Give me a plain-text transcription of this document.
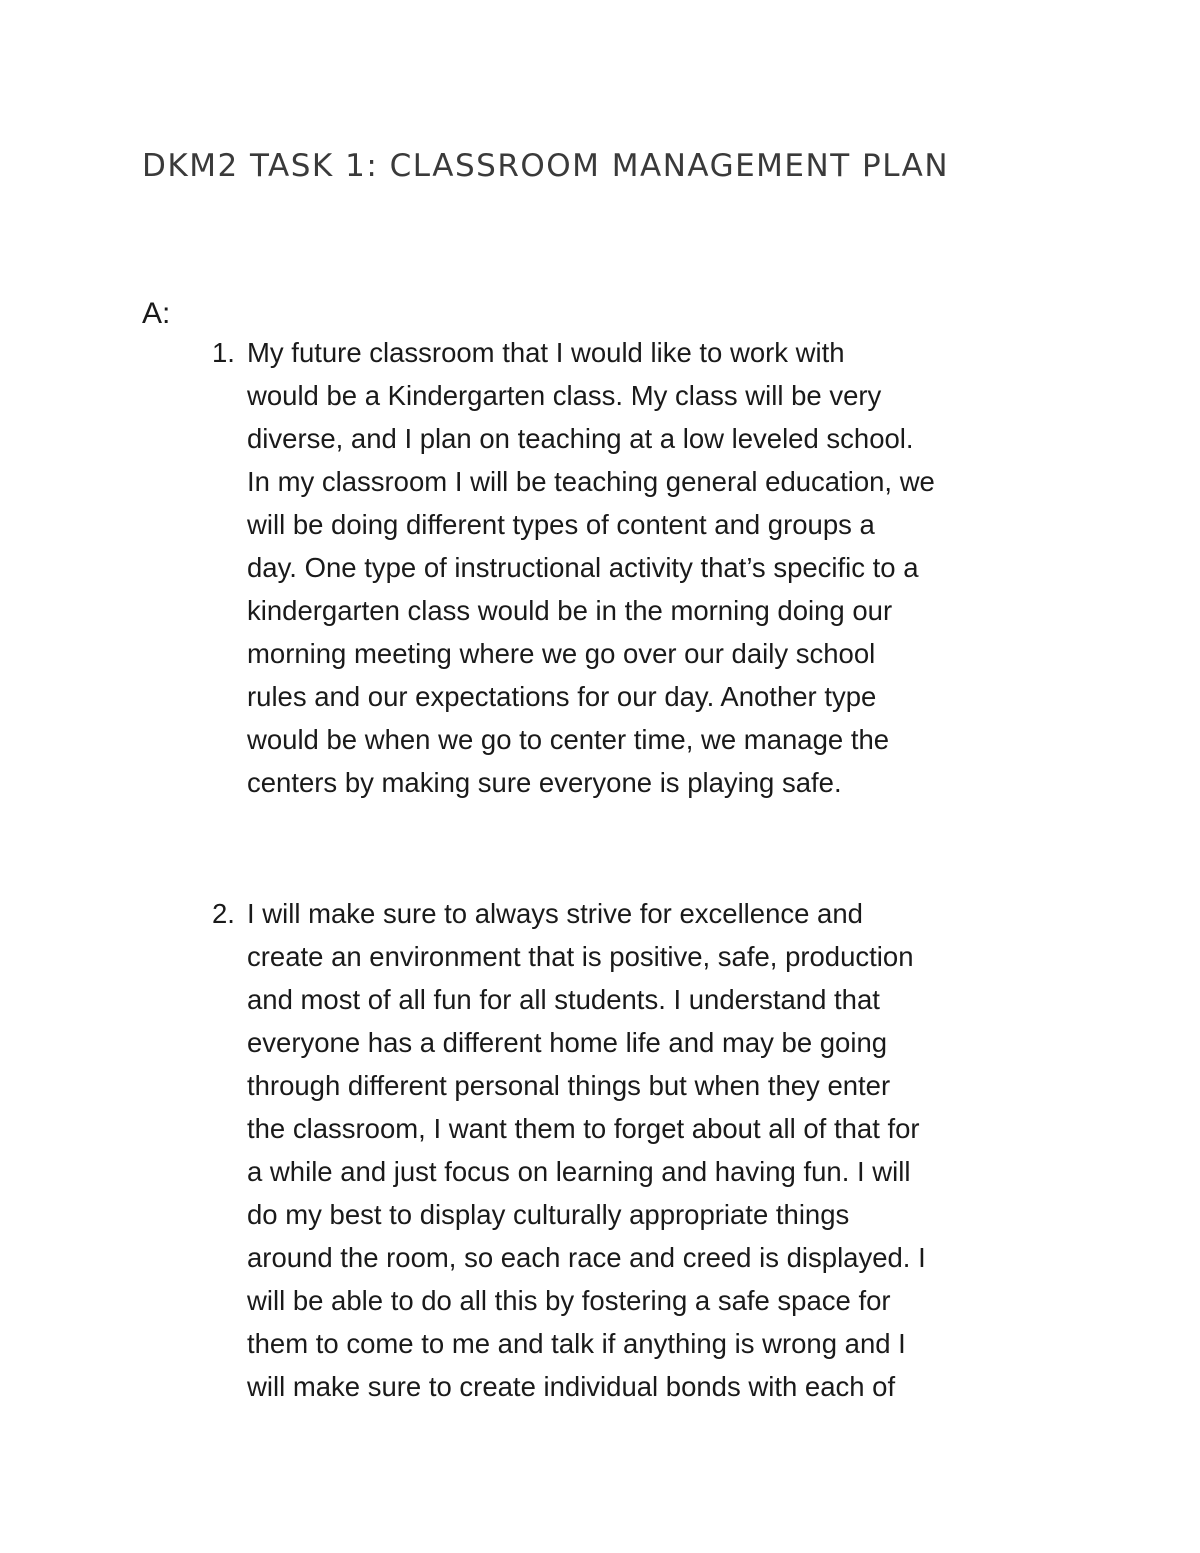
DKM2 TASK 1: CLASSROOM MANAGEMENT PLAN
A:
1. My future classroom that I would like to work with
would be a Kindergarten class. My class will be very
diverse, and I plan on teaching at a low leveled school.
In my classroom I will be teaching general education, we
will be doing different types of content and groups a
day. One type of instructional activity that’s specific to a
kindergarten class would be in the morning doing our
morning meeting where we go over our daily school
rules and our expectations for our day. Another type
would be when we go to center time, we manage the
centers by making sure everyone is playing safe.
2. I will make sure to always strive for excellence and
create an environment that is positive, safe, production
and most of all fun for all students. I understand that
everyone has a different home life and may be going
through different personal things but when they enter
the classroom, I want them to forget about all of that for
a while and just focus on learning and having fun. I will
do my best to display culturally appropriate things
around the room, so each race and creed is displayed. I
will be able to do all this by fostering a safe space for
them to come to me and talk if anything is wrong and I
will make sure to create individual bonds with each of
